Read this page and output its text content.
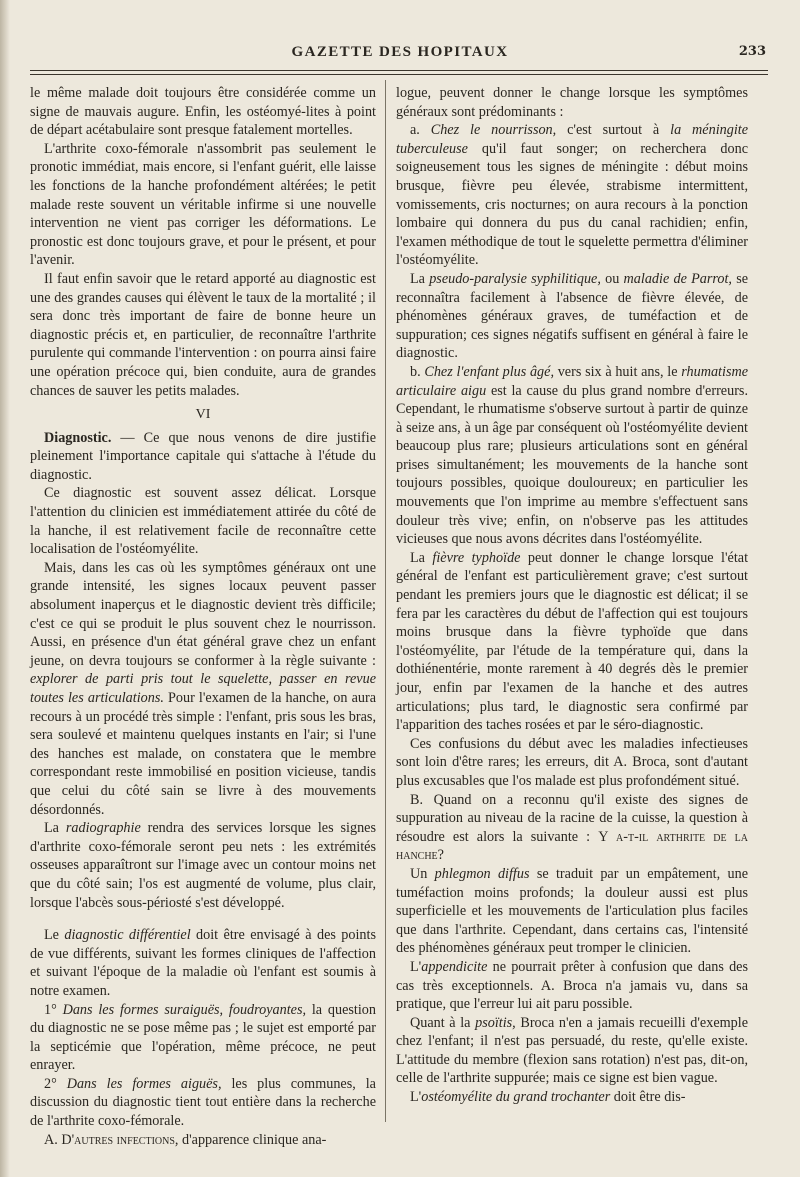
GAZETTE DES HOPITAUX	233

le même malade doit toujours être considérée comme un signe de mauvais augure. Enfin, les ostéomyé-lites à point de départ acétabulaire sont presque fatalement mortelles.

L'arthrite coxo-fémorale n'assombrit pas seulement le pronotic immédiat, mais encore, si l'enfant guérit, elle laisse les fonctions de la hanche profondément altérées; le petit malade reste souvent un véritable infirme si une nouvelle intervention ne vient pas corriger les déformations. Le pronostic est donc toujours grave, et pour le présent, et pour l'avenir.

Il faut enfin savoir que le retard apporté au diagnostic est une des grandes causes qui élèvent le taux de la mortalité ; il sera donc très important de faire de bonne heure un diagnostic précis et, en particulier, de reconnaître l'arthrite purulente qui commande l'intervention : on pourra ainsi faire une opération précoce qui, bien conduite, aura de grandes chances de sauver les petits malades.

VI

Diagnostic. — Ce que nous venons de dire justifie pleinement l'importance capitale qui s'attache à l'étude du diagnostic.

Ce diagnostic est souvent assez délicat. Lorsque l'attention du clinicien est immédiatement attirée du côté de la hanche, il est relativement facile de reconnaître cette localisation de l'ostéomyélite.

Mais, dans les cas où les symptômes généraux ont une grande intensité, les signes locaux peuvent passer absolument inaperçus et le diagnostic devient très difficile; c'est ce qui se produit le plus souvent chez le nourrisson. Aussi, en présence d'un état général grave chez un enfant jeune, on devra toujours se conformer à la règle suivante : explorer de parti pris tout le squelette, passer en revue toutes les articulations. Pour l'examen de la hanche, on aura recours à un procédé très simple : l'enfant, pris sous les bras, sera soulevé et maintenu quelques instants en l'air; si l'une des hanches est malade, on constatera que le membre correspondant reste immobilisé en position vicieuse, tandis que celui du côté sain se livre à des mouvements désordonnés.

La radiographie rendra des services lorsque les signes d'arthrite coxo-fémorale seront peu nets : les extrémités osseuses apparaîtront sur l'image avec un contour moins net que du côté sain; l'os est augmenté de volume, plus clair, lorsque l'abcès sous-périosté s'est développé.

Le diagnostic différentiel doit être envisagé à des points de vue différents, suivant les formes cliniques de l'affection et suivant l'époque de la maladie où l'enfant est soumis à notre examen.

1° Dans les formes suraiguës, foudroyantes, la question du diagnostic ne se pose même pas ; le sujet est emporté par la septicémie que l'opération, même précoce, ne peut enrayer.

2° Dans les formes aiguës, les plus communes, la discussion du diagnostic tient tout entière dans la recherche de l'arthrite coxo-fémorale.

A. D'autres infections, d'apparence clinique ana-

logue, peuvent donner le change lorsque les symptômes généraux sont prédominants :

a. Chez le nourrisson, c'est surtout à la méningite tuberculeuse qu'il faut songer; on recherchera donc soigneusement tous les signes de méningite : début moins brusque, fièvre peu élevée, strabisme intermittent, vomissements, cris nocturnes; on aura recours à la ponction lombaire qui donnera du pus du canal rachidien; enfin, l'examen méthodique de tout le squelette permettra d'éliminer l'ostéomyélite.

La pseudo-paralysie syphilitique, ou maladie de Parrot, se reconnaîtra facilement à l'absence de fièvre élevée, de phénomènes généraux graves, de tuméfaction et de suppuration; ces signes négatifs suffisent en général à faire le diagnostic.

b. Chez l'enfant plus âgé, vers six à huit ans, le rhumatisme articulaire aigu est la cause du plus grand nombre d'erreurs. Cependant, le rhumatisme s'observe surtout à partir de quinze à seize ans, à un âge par conséquent où l'ostéomyélite devient beaucoup plus rare; plusieurs articulations sont en général prises simultanément; les mouvements de la hanche sont toujours possibles, quoique douloureux; en particulier les mouvements que l'on imprime au membre s'effectuent sans douleur très vive; enfin, on n'observe pas les attitudes vicieuses que nous avons décrites dans l'ostéomyélite.

La fièvre typhoïde peut donner le change lorsque l'état général de l'enfant est particulièrement grave; c'est surtout pendant les premiers jours que le diagnostic est délicat; il se fera par les caractères du début de l'affection qui est toujours moins brusque dans la fièvre typhoïde que dans l'ostéomyélite, par l'étude de la température qui, dans la dothiénentérie, monte rarement à 40 degrés dès le premier jour, enfin par l'examen de la hanche et des autres articulations; plus tard, le diagnostic sera confirmé par l'apparition des taches rosées et par le séro-diagnostic.

Ces confusions du début avec les maladies infectieuses sont loin d'être rares; les erreurs, dit A. Broca, sont d'autant plus excusables que l'os malade est plus profondément situé.

B. Quand on a reconnu qu'il existe des signes de suppuration au niveau de la racine de la cuisse, la question à résoudre est alors la suivante : Y a-t-il arthrite de la hanche?

Un phlegmon diffus se traduit par un empâtement, une tuméfaction moins profonds; la douleur aussi est plus superficielle et les mouvements de l'articulation plus faciles que dans l'arthrite. Cependant, dans certains cas, l'intensité des phénomènes généraux peut tromper le clinicien.

L'appendicite ne pourrait prêter à confusion que dans des cas très exceptionnels. A. Broca n'a jamais vu, dans sa pratique, que l'erreur lui ait paru possible.

Quant à la psoïtis, Broca n'en a jamais recueilli d'exemple chez l'enfant; il n'est pas persuadé, du reste, qu'elle existe. L'attitude du membre (flexion sans rotation) n'est pas, dit-on, celle de l'arthrite suppurée; mais ce signe est bien vague.

L'ostéomyélite du grand trochanter doit être dis-
